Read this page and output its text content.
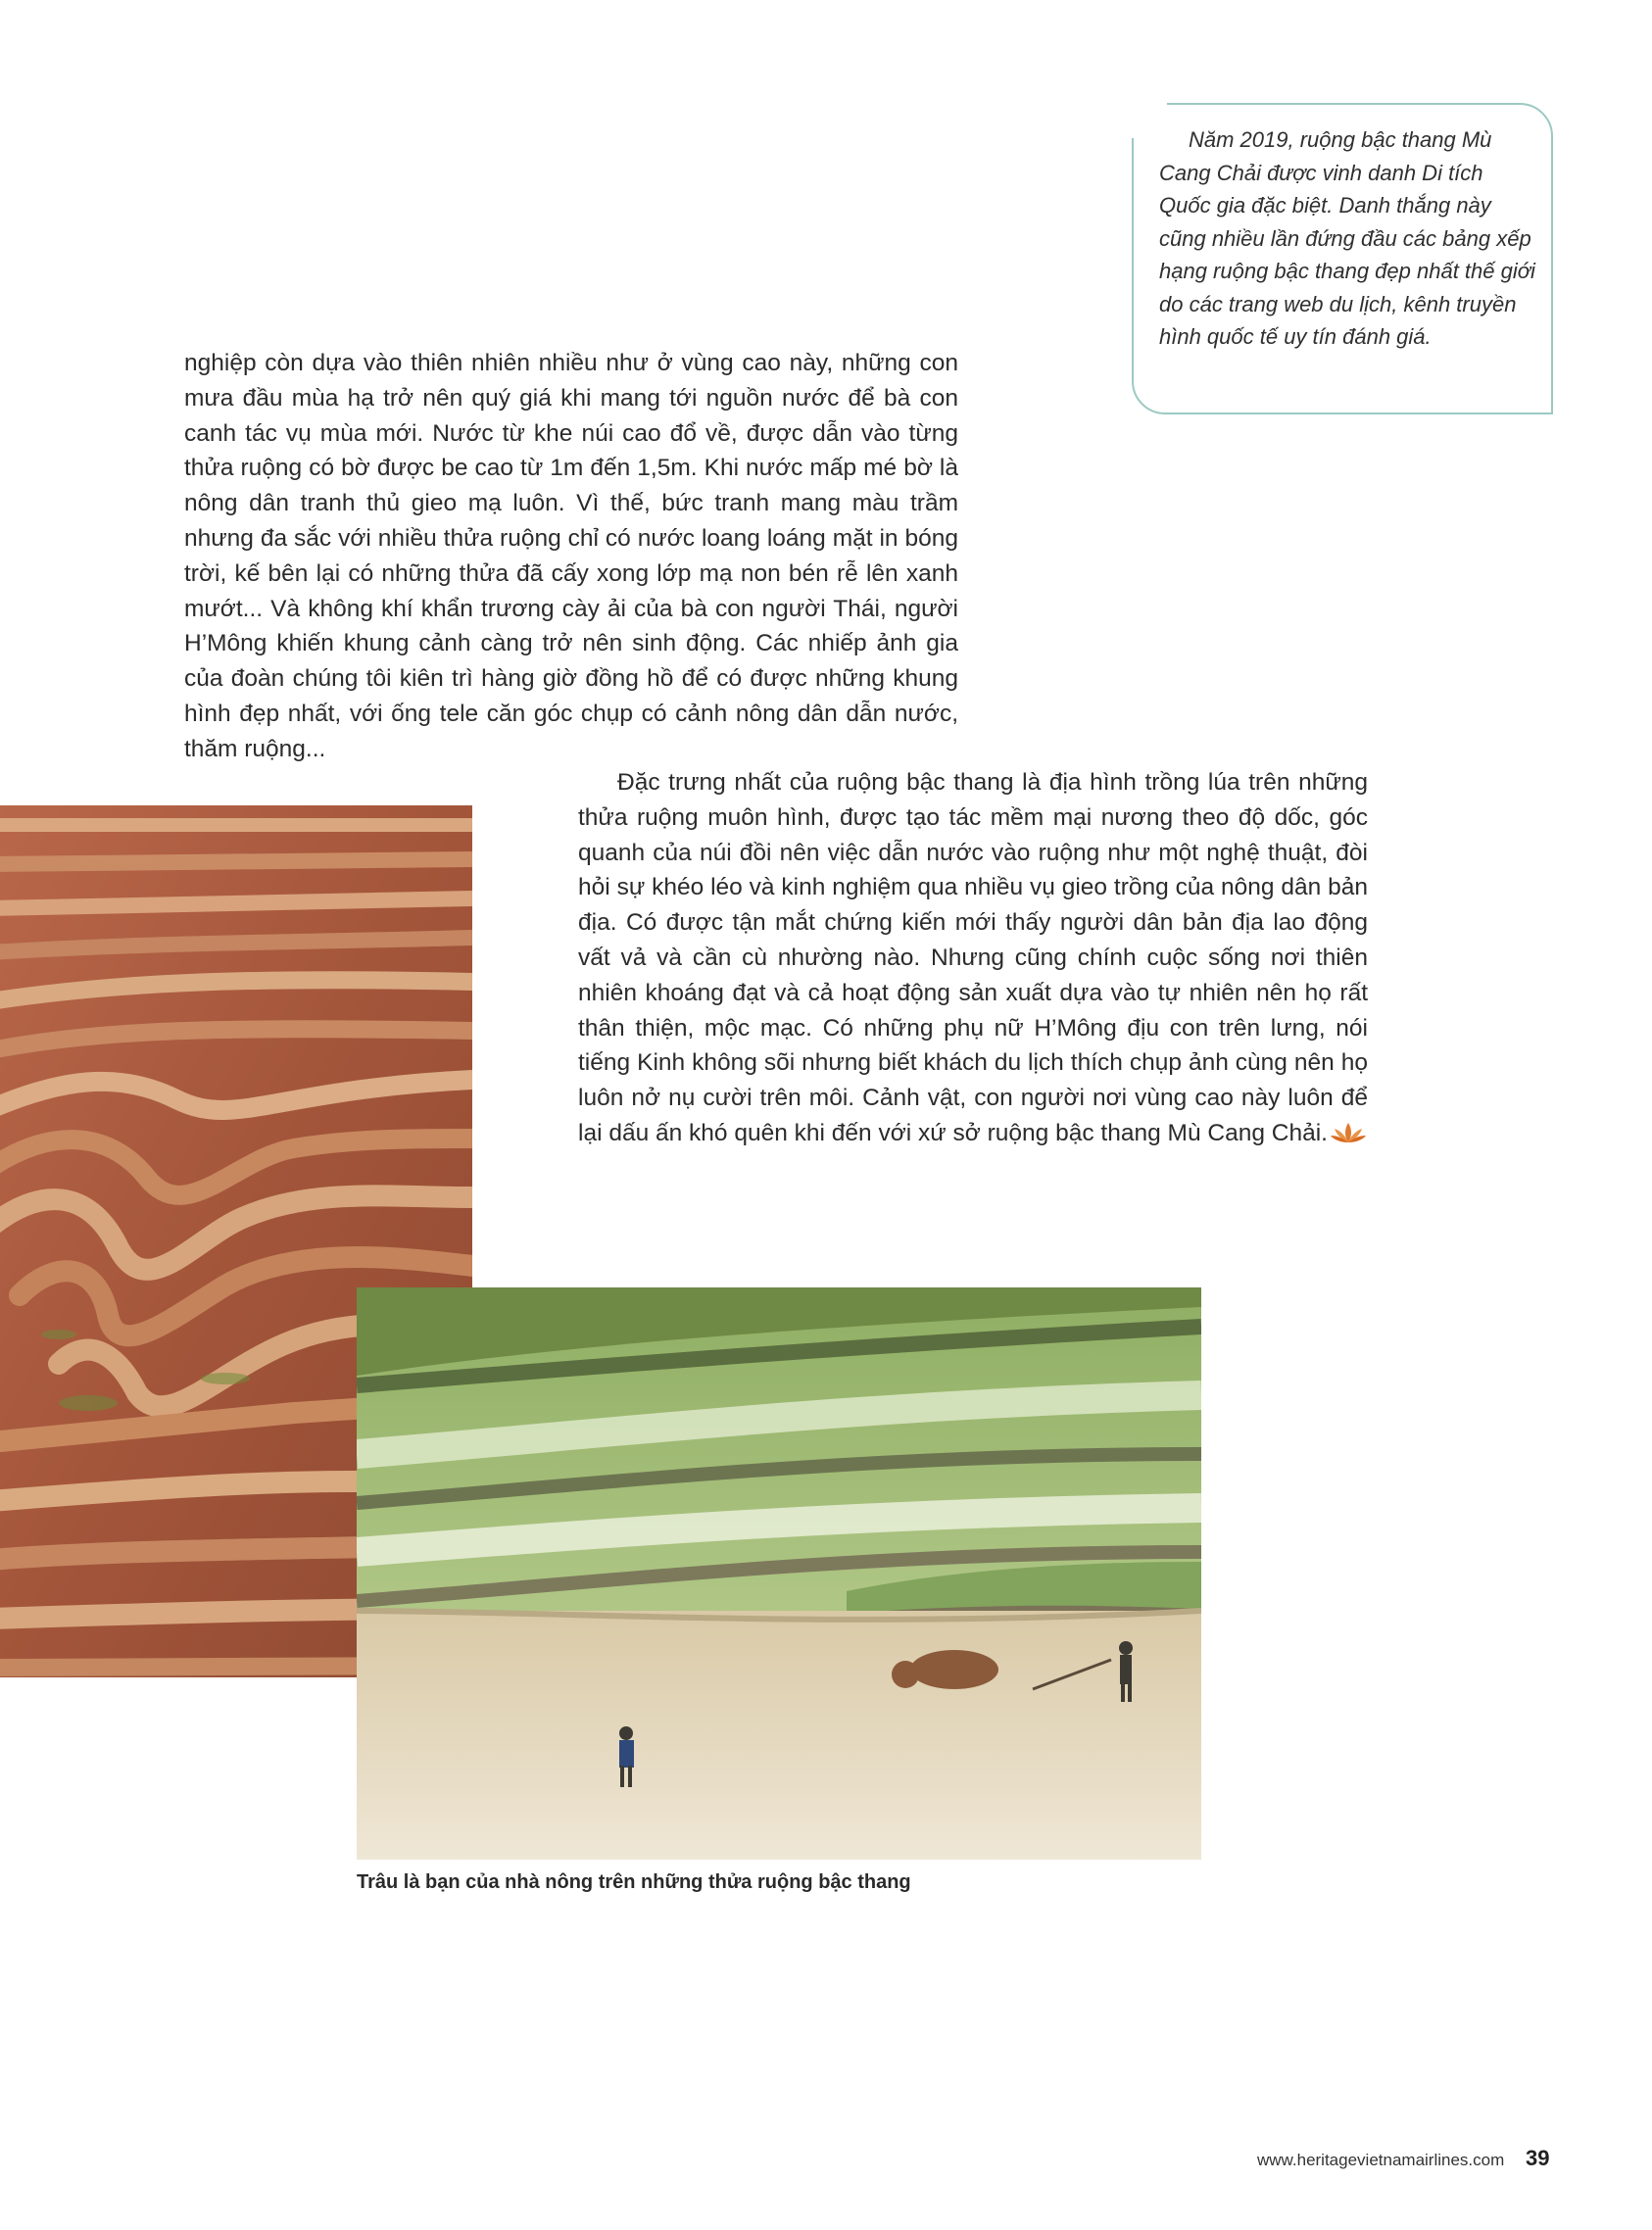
Năm 2019, ruộng bậc thang Mù Cang Chải được vinh danh Di tích Quốc gia đặc biệt. Danh thắng này cũng nhiều lần đứng đầu các bảng xếp hạng ruộng bậc thang đẹp nhất thế giới do các trang web du lịch, kênh truyền hình quốc tế uy tín đánh giá.

nghiệp còn dựa vào thiên nhiên nhiều như ở vùng cao này, những con mưa đầu mùa hạ trở nên quý giá khi mang tới nguồn nước để bà con canh tác vụ mùa mới. Nước từ khe núi cao đổ về, được dẫn vào từng thửa ruộng có bờ được be cao từ 1m đến 1,5m. Khi nước mấp mé bờ là nông dân tranh thủ gieo mạ luôn. Vì thế, bức tranh mang màu trầm nhưng đa sắc với nhiều thửa ruộng chỉ có nước loang loáng mặt in bóng trời, kế bên lại có những thửa đã cấy xong lớp mạ non bén rễ lên xanh mướt... Và không khí khẩn trương cày ải của bà con người Thái, người H’Mông khiến khung cảnh càng trở nên sinh động. Các nhiếp ảnh gia của đoàn chúng tôi kiên trì hàng giờ đồng hồ để có được những khung hình đẹp nhất, với ống tele căn góc chụp có cảnh nông dân dẫn nước, thăm ruộng...

Đặc trưng nhất của ruộng bậc thang là địa hình trồng lúa trên những thửa ruộng muôn hình, được tạo tác mềm mại nương theo độ dốc, góc quanh của núi đồi nên việc dẫn nước vào ruộng như một nghệ thuật, đòi hỏi sự khéo léo và kinh nghiệm qua nhiều vụ gieo trồng của nông dân bản địa. Có được tận mắt chứng kiến mới thấy người dân bản địa lao động vất vả và cần cù nhường nào. Nhưng cũng chính cuộc sống nơi thiên nhiên khoáng đạt và cả hoạt động sản xuất dựa vào tự nhiên nên họ rất thân thiện, mộc mạc. Có những phụ nữ H’Mông địu con trên lưng, nói tiếng Kinh không sõi nhưng biết khách du lịch thích chụp ảnh cùng nên họ luôn nở nụ cười trên môi. Cảnh vật, con người nơi vùng cao này luôn để lại dấu ấn khó quên khi đến với xứ sở ruộng bậc thang Mù Cang Chải.

Trâu là bạn của nhà nông trên những thửa ruộng bậc thang

www.heritagevietnamairlines.com 39
